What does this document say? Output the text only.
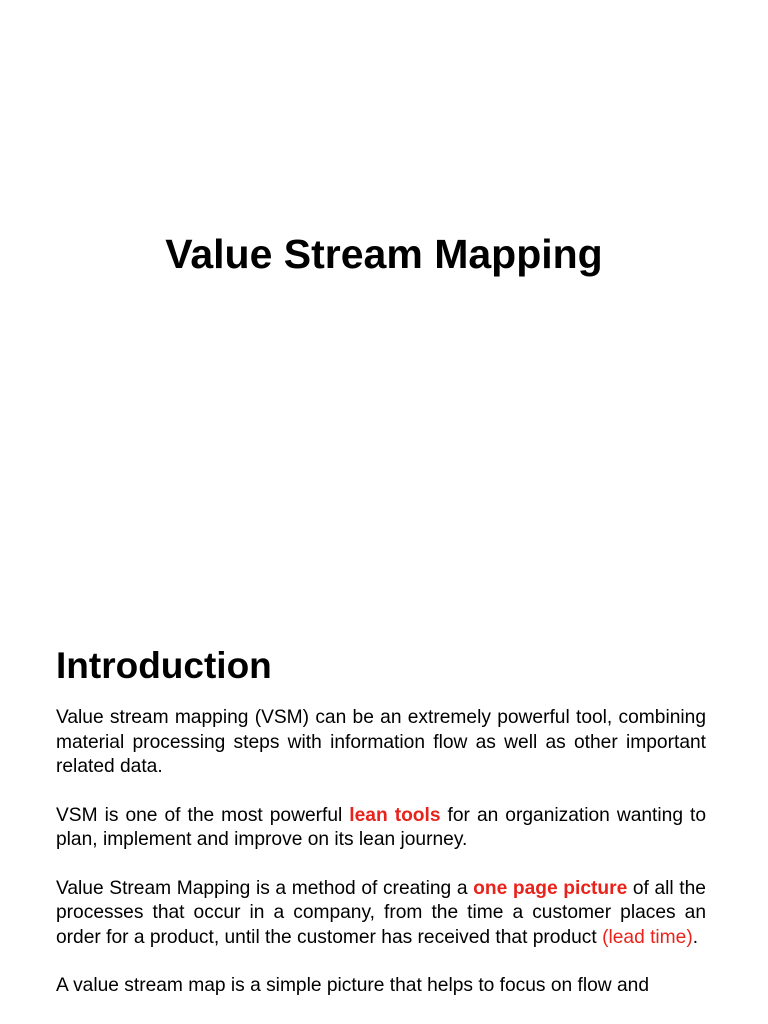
Value Stream Mapping
Introduction

Value stream mapping (VSM) can be an extremely powerful tool, combining material processing steps with information flow as well as other important related data.

VSM is one of the most powerful lean tools for an organization wanting to plan, implement and improve on its lean journey.

Value Stream Mapping is a method of creating a one page picture of all the processes that occur in a company, from the time a customer places an order for a product, until the customer has received that product (lead time).

A value stream map is a simple picture that helps to focus on flow and
